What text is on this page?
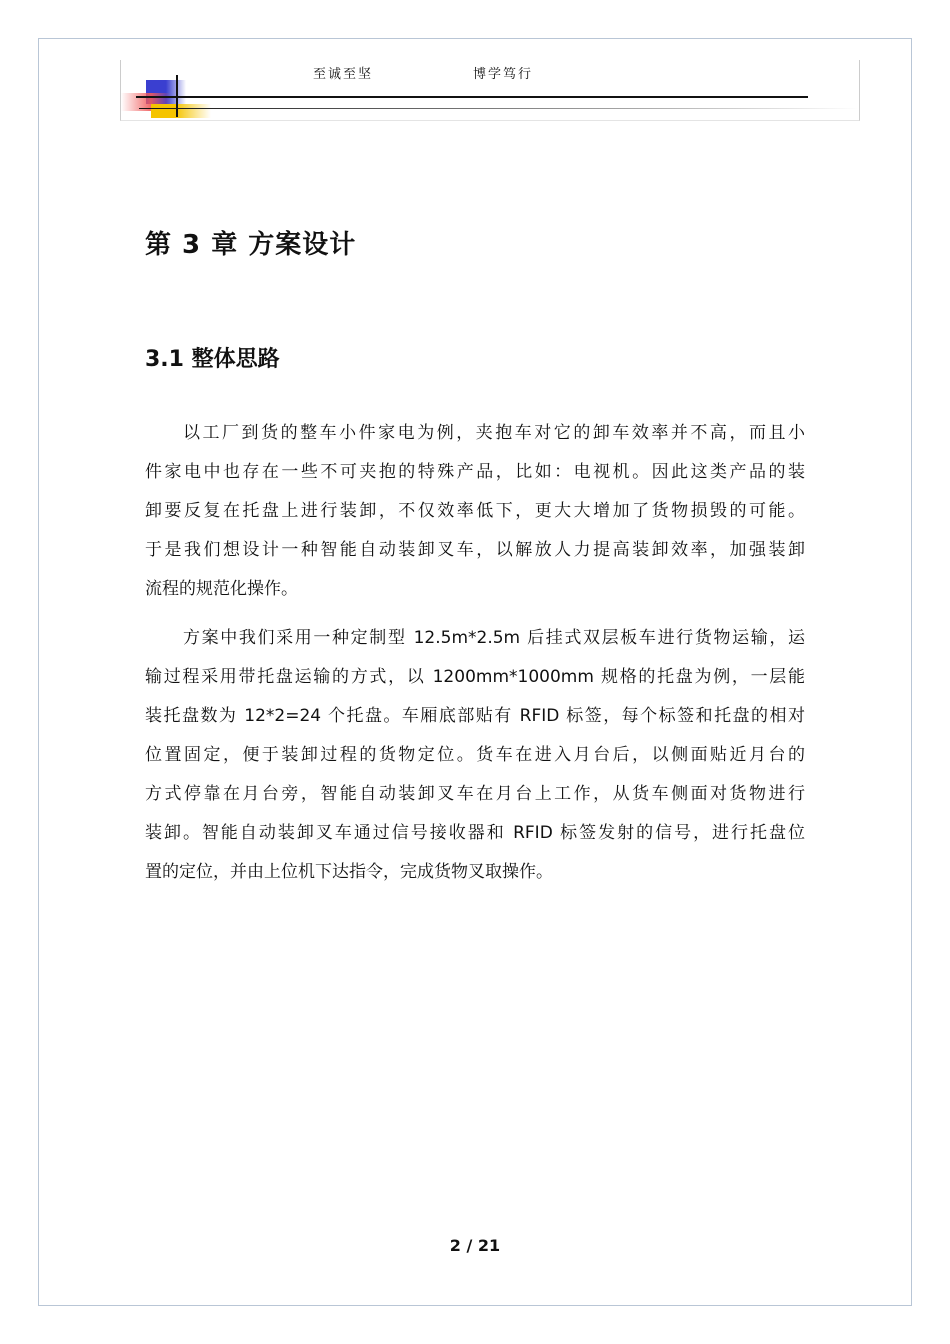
至诚至坚	博学笃行
第 3 章 方案设计
3.1 整体思路
以工厂到货的整车小件家电为例，夹抱车对它的卸车效率并不高，而且小
件家电中也存在一些不可夹抱的特殊产品，比如：电视机。因此这类产品的装
卸要反复在托盘上进行装卸，不仅效率低下，更大大增加了货物损毁的可能。
于是我们想设计一种智能自动装卸叉车，以解放人力提高装卸效率，加强装卸
流程的规范化操作。
方案中我们采用一种定制型 12.5m*2.5m 后挂式双层板车进行货物运输，运
输过程采用带托盘运输的方式，以 1200mm*1000mm 规格的托盘为例，一层能
装托盘数为 12*2=24 个托盘。车厢底部贴有 RFID 标签，每个标签和托盘的相对
位置固定，便于装卸过程的货物定位。货车在进入月台后，以侧面贴近月台的
方式停靠在月台旁，智能自动装卸叉车在月台上工作，从货车侧面对货物进行
装卸。智能自动装卸叉车通过信号接收器和 RFID 标签发射的信号，进行托盘位
置的定位，并由上位机下达指令，完成货物叉取操作。
2 / 21
